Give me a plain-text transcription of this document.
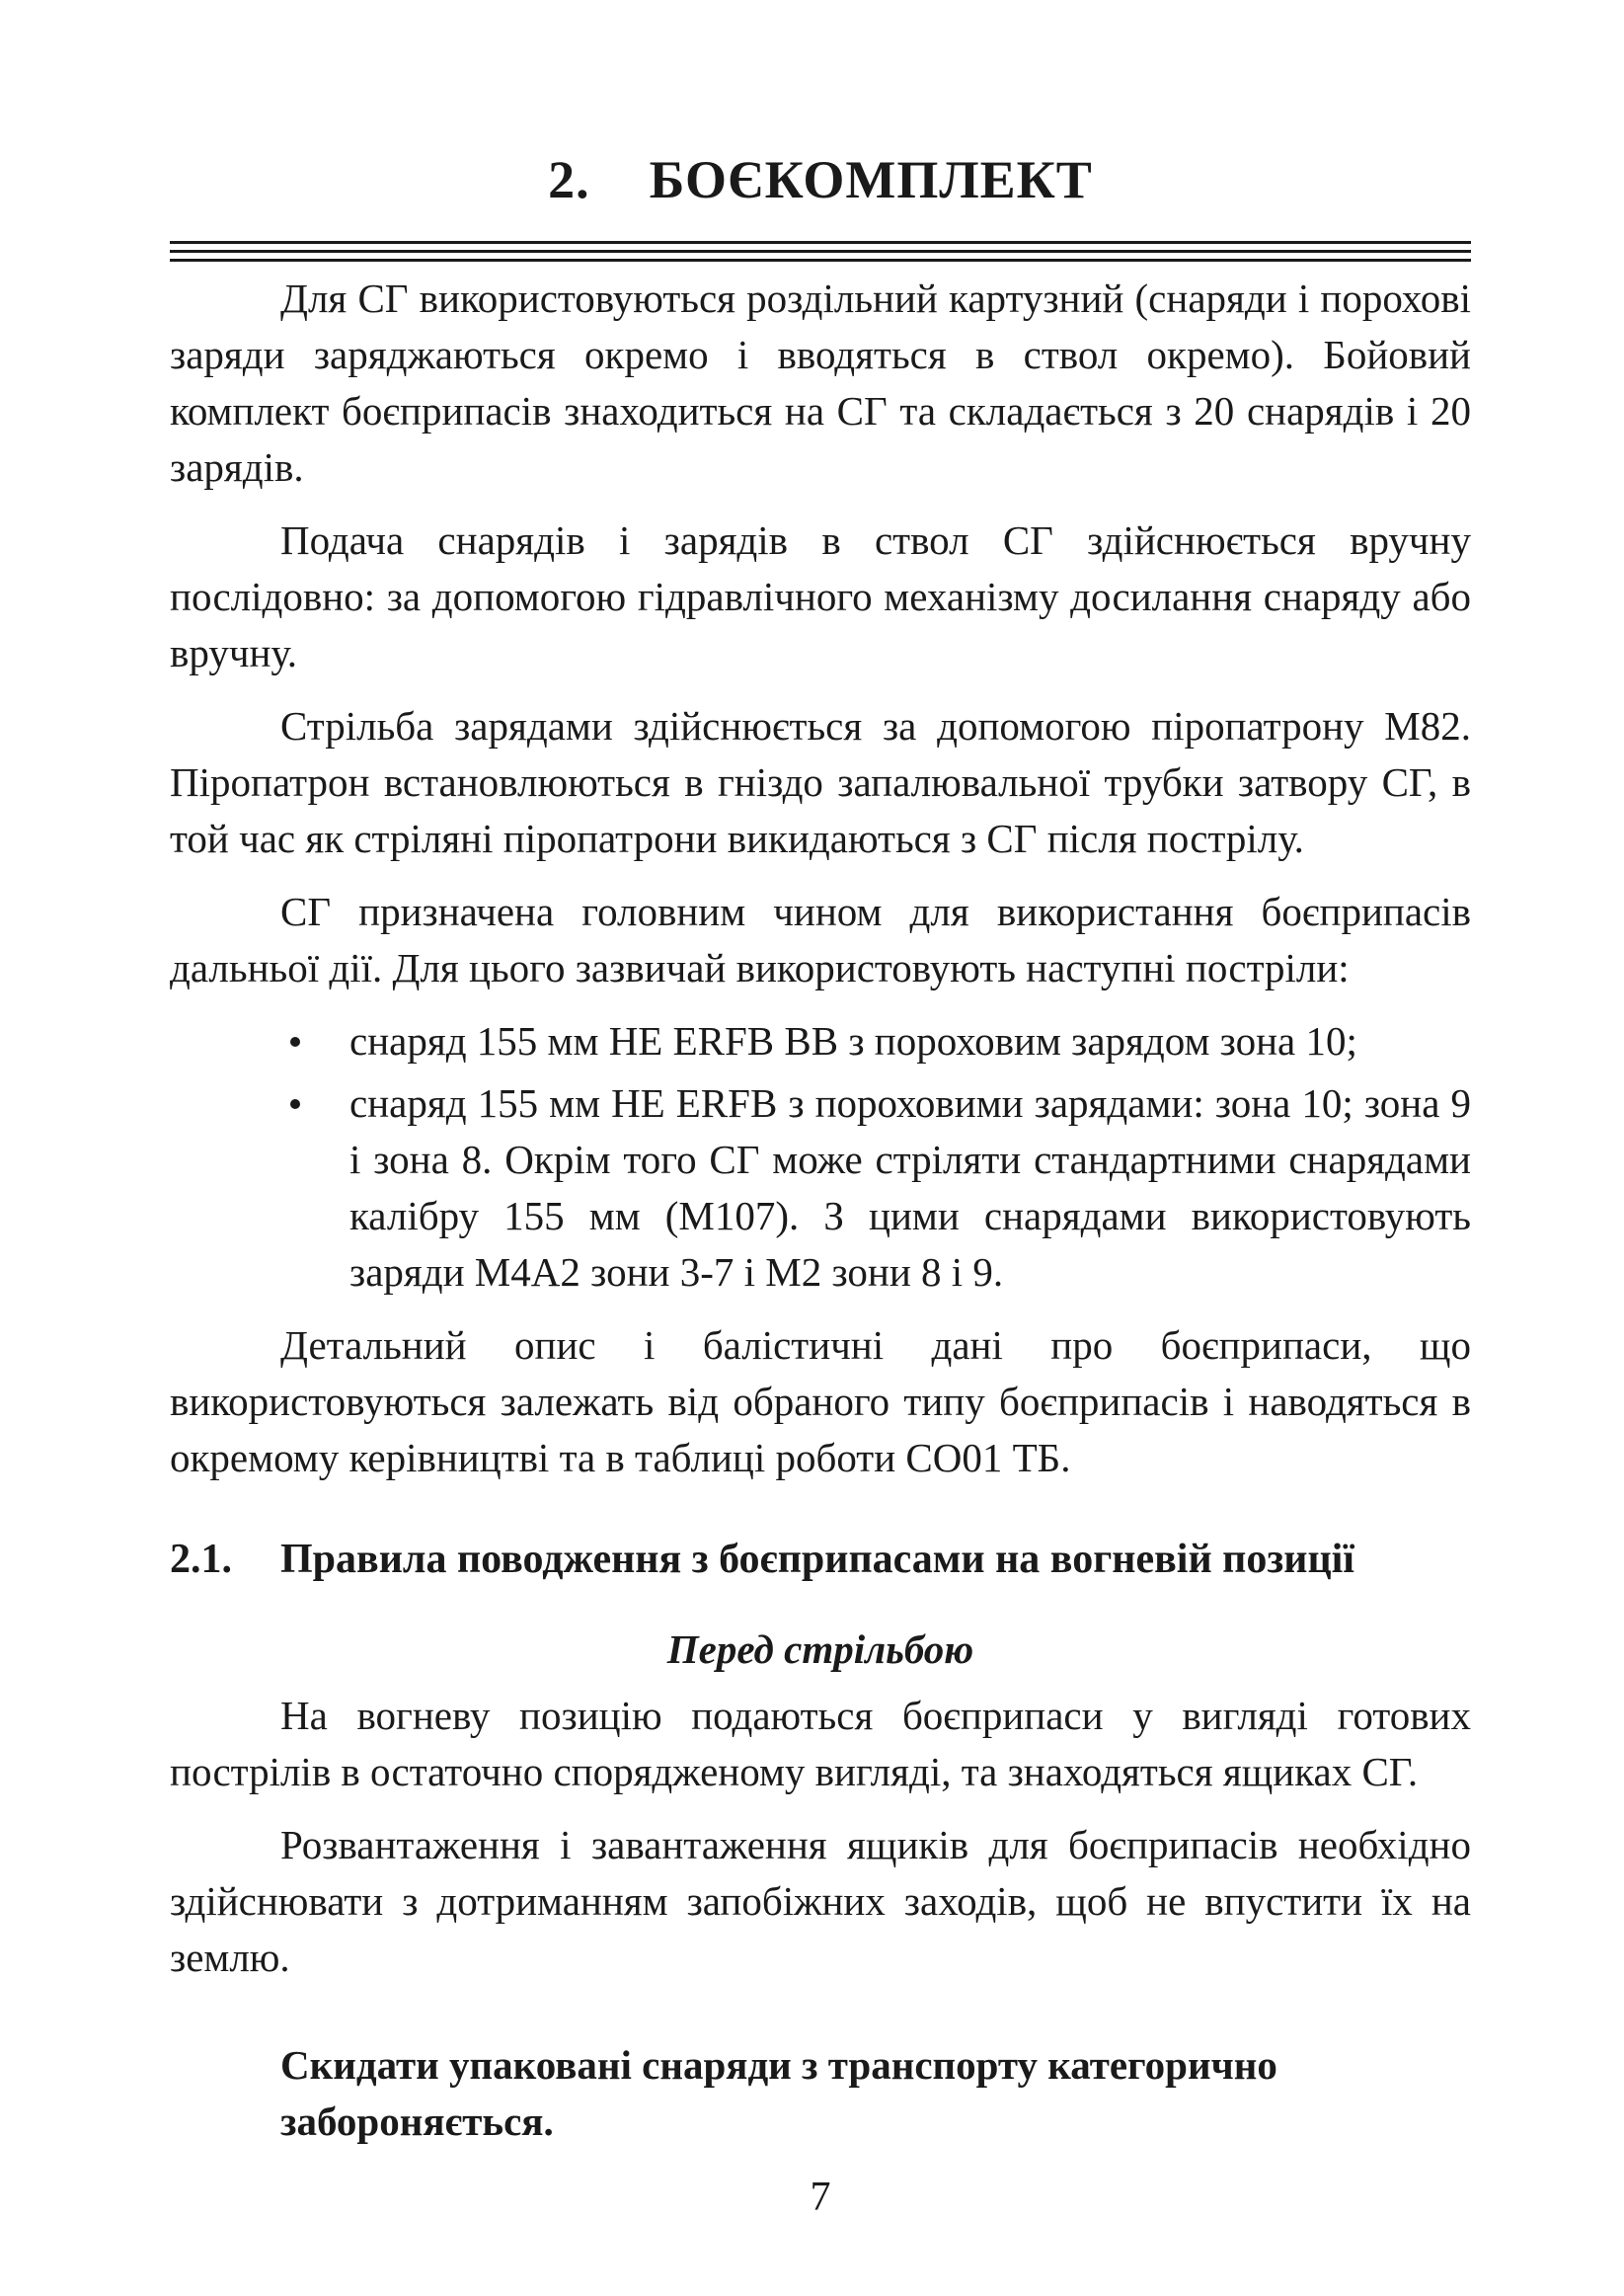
2. БОЄКОМПЛЕКТ

Для СГ використовуються роздільний картузний (снаряди і порохові заряди заряджаються окремо і вводяться в ствол окремо). Бойовий комплект боєприпасів знаходиться на СГ та складається з 20 снарядів і 20 зарядів.

Подача снарядів і зарядів в ствол СГ здійснюється вручну послідовно: за допомогою гідравлічного механізму досилання снаряду або вручну.

Стрільба зарядами здійснюється за допомогою піропатрону M82. Піропатрон встановлюються в гніздо запалювальної трубки затвору СГ, в той час як стріляні піропатрони викидаються з СГ після пострілу.

СГ призначена головним чином для використання боєприпасів дальньої дії. Для цього зазвичай використовують наступні постріли:

снаряд 155 мм HE ERFB BB з пороховим зарядом зона 10;
снаряд 155 мм HE ERFB з пороховими зарядами: зона 10; зона 9 і зона 8. Окрім того СГ може стріляти стандартними снарядами калібру 155 мм (M107). З цими снарядами використовують заряди M4A2 зони 3-7 і M2 зони 8 і 9.

Детальний опис і балістичні дані про боєприпаси, що використовуються залежать від обраного типу боєприпасів і наводяться в окремому керівництві та в таблиці роботи СО01 ТБ.

2.1. Правила поводження з боєприпасами на вогневій позиції
Перед стрільбою

На вогневу позицію подаються боєприпаси у вигляді готових пострілів в остаточно спорядженому вигляді, та знаходяться ящиках СГ.

Розвантаження і завантаження ящиків для боєприпасів необхідно здійснювати з дотриманням запобіжних заходів, щоб не впустити їх на землю.

Скидати упаковані снаряди з транспорту категорично забороняється.

7
